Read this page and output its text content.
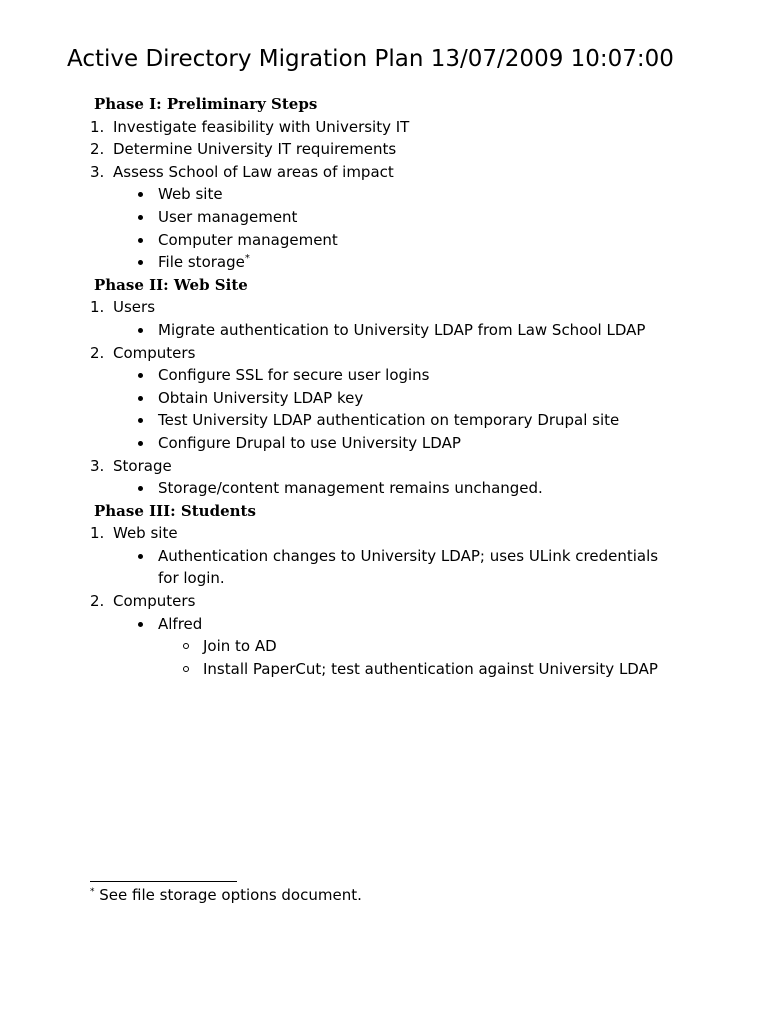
Active Directory Migration Plan 13/07/2009 10:07:00
Phase I: Preliminary Steps
1. Investigate feasibility with University IT
2. Determine University IT requirements
3. Assess School of Law areas of impact
Web site
User management
Computer management
File storage*
Phase II: Web Site
1. Users
Migrate authentication to University LDAP from Law School LDAP
2. Computers
Configure SSL for secure user logins
Obtain University LDAP key
Test University LDAP authentication on temporary Drupal site
Configure Drupal to use University LDAP
3. Storage
Storage/content management remains unchanged.
Phase III: Students
1. Web site
Authentication changes to University LDAP; uses ULink credentials for login.
2. Computers
Alfred
Join to AD
Install PaperCut; test authentication against University LDAP
* See file storage options document.
